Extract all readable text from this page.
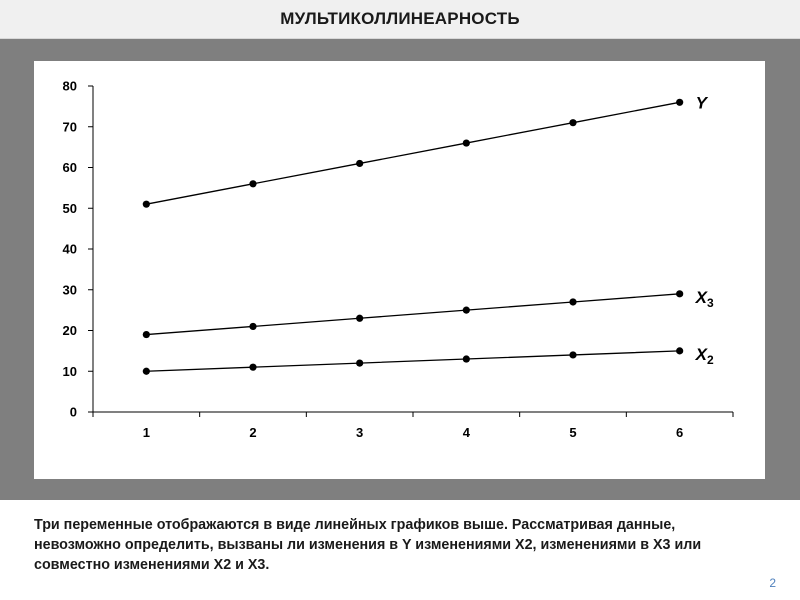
МУЛЬТИКОЛЛИНЕАРНОСТЬ
0
10
20
30
40
50
60
70
80
1	2	3	4	5	6
Y
$X_3$
$X_2$
Три переменные отображаются в виде линейных графиков выше. Рассматривая данные, невозможно определить, вызваны ли изменения в Y изменениями X2, изменениями в X3 или совместно изменениями X2 и X3.
2
